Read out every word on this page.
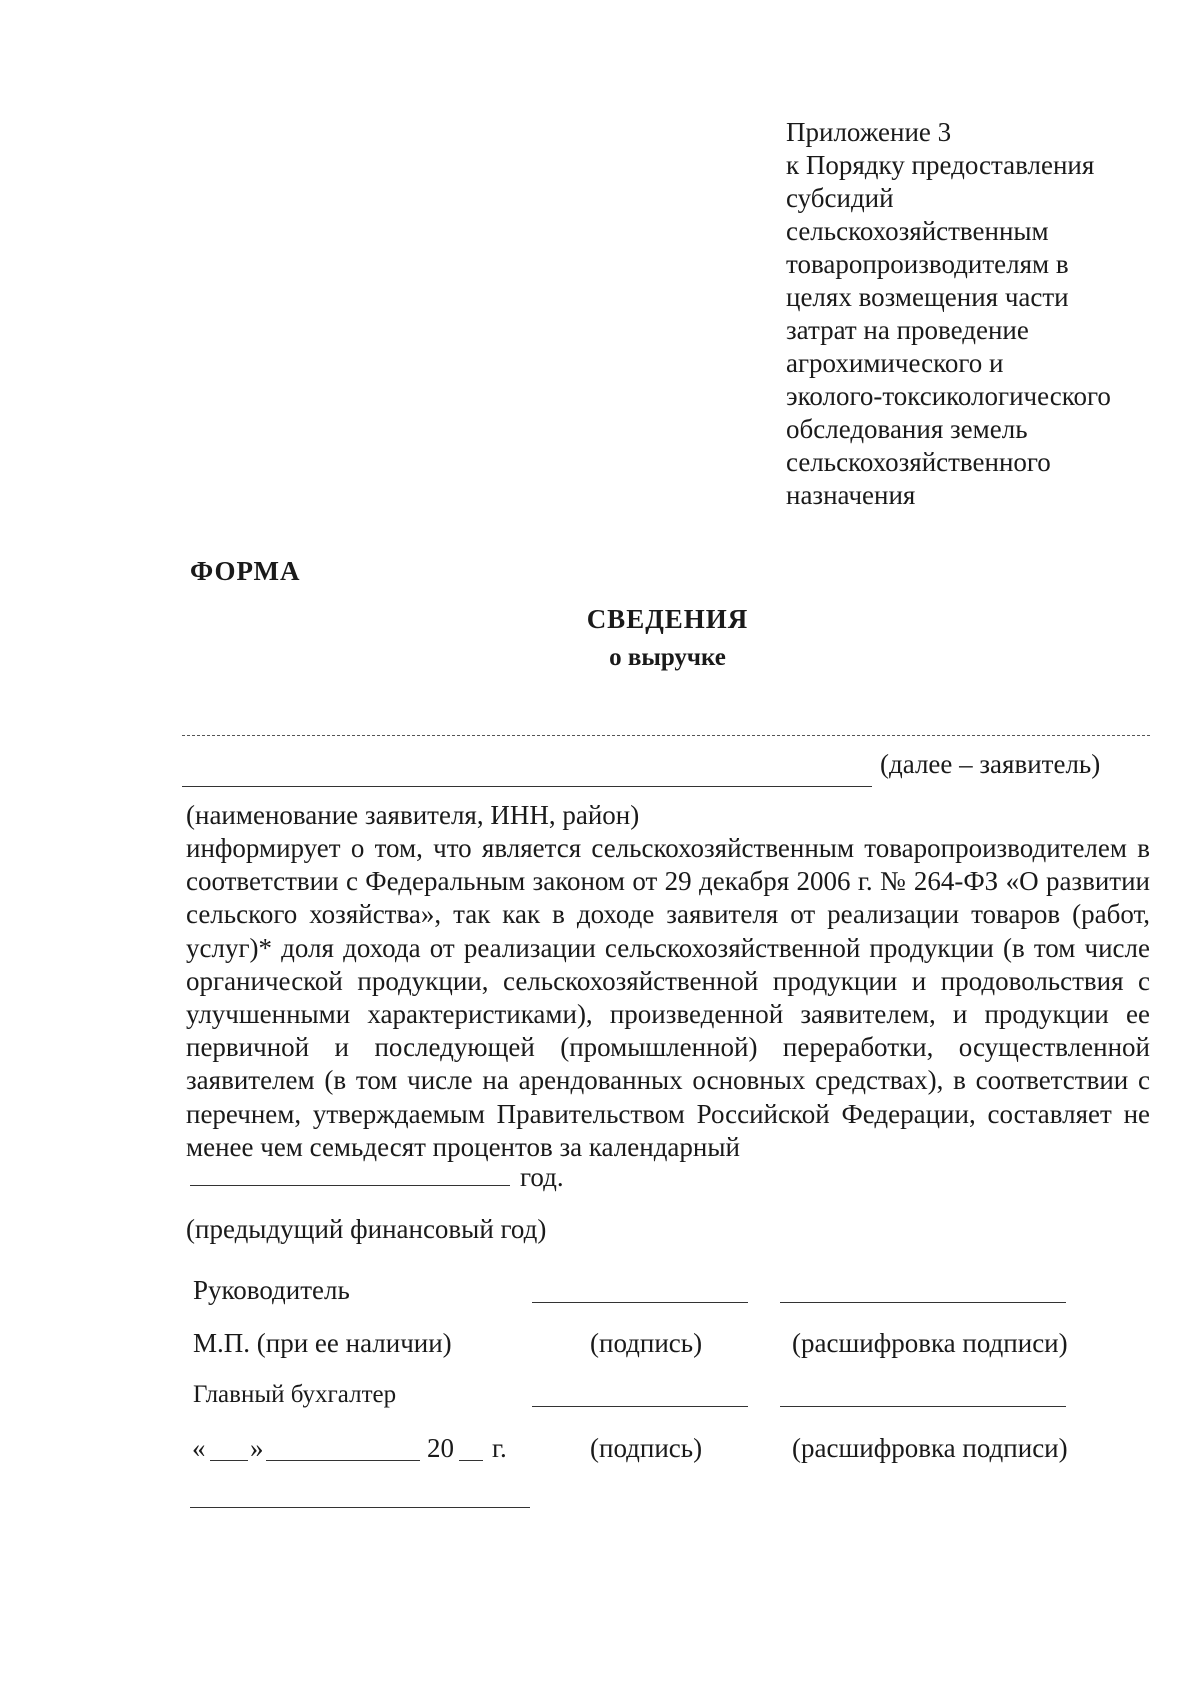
Приложение 3
к Порядку предоставления
субсидий
сельскохозяйственным
товаропроизводителям в
целях возмещения части
затрат на проведение
агрохимического и
эколого-токсикологического
обследования земель
сельскохозяйственного
назначения
ФОРМА
СВЕДЕНИЯ
о выручке
(далее – заявитель)
(наименование заявителя, ИНН, район)

информирует о том, что является сельскохозяйственным товаропроизводителем в соответствии с Федеральным законом от 29 декабря 2006 г. № 264-ФЗ «О развитии сельского хозяйства», так как в доходе заявителя от реализации товаров (работ, услуг)* доля дохода от реализации сельскохозяйственной продукции (в том числе органической продукции, сельскохозяйственной продукции и продовольствия с улучшенными характеристиками), произведенной заявителем, и продукции ее первичной и последующей (промышленной) переработки, осуществленной заявителем (в том числе на арендованных основных средствах), в соответствии с перечнем, утверждаемым Правительством Российской Федерации, составляет не менее чем семьдесят процентов за календарный

год.
(предыдущий финансовый год)
Руководитель
М.П. (при ее наличии)	(подпись)	(расшифровка подписи)
Главный бухгалтер
« »	20 г.	(подпись)	(расшифровка подписи)
